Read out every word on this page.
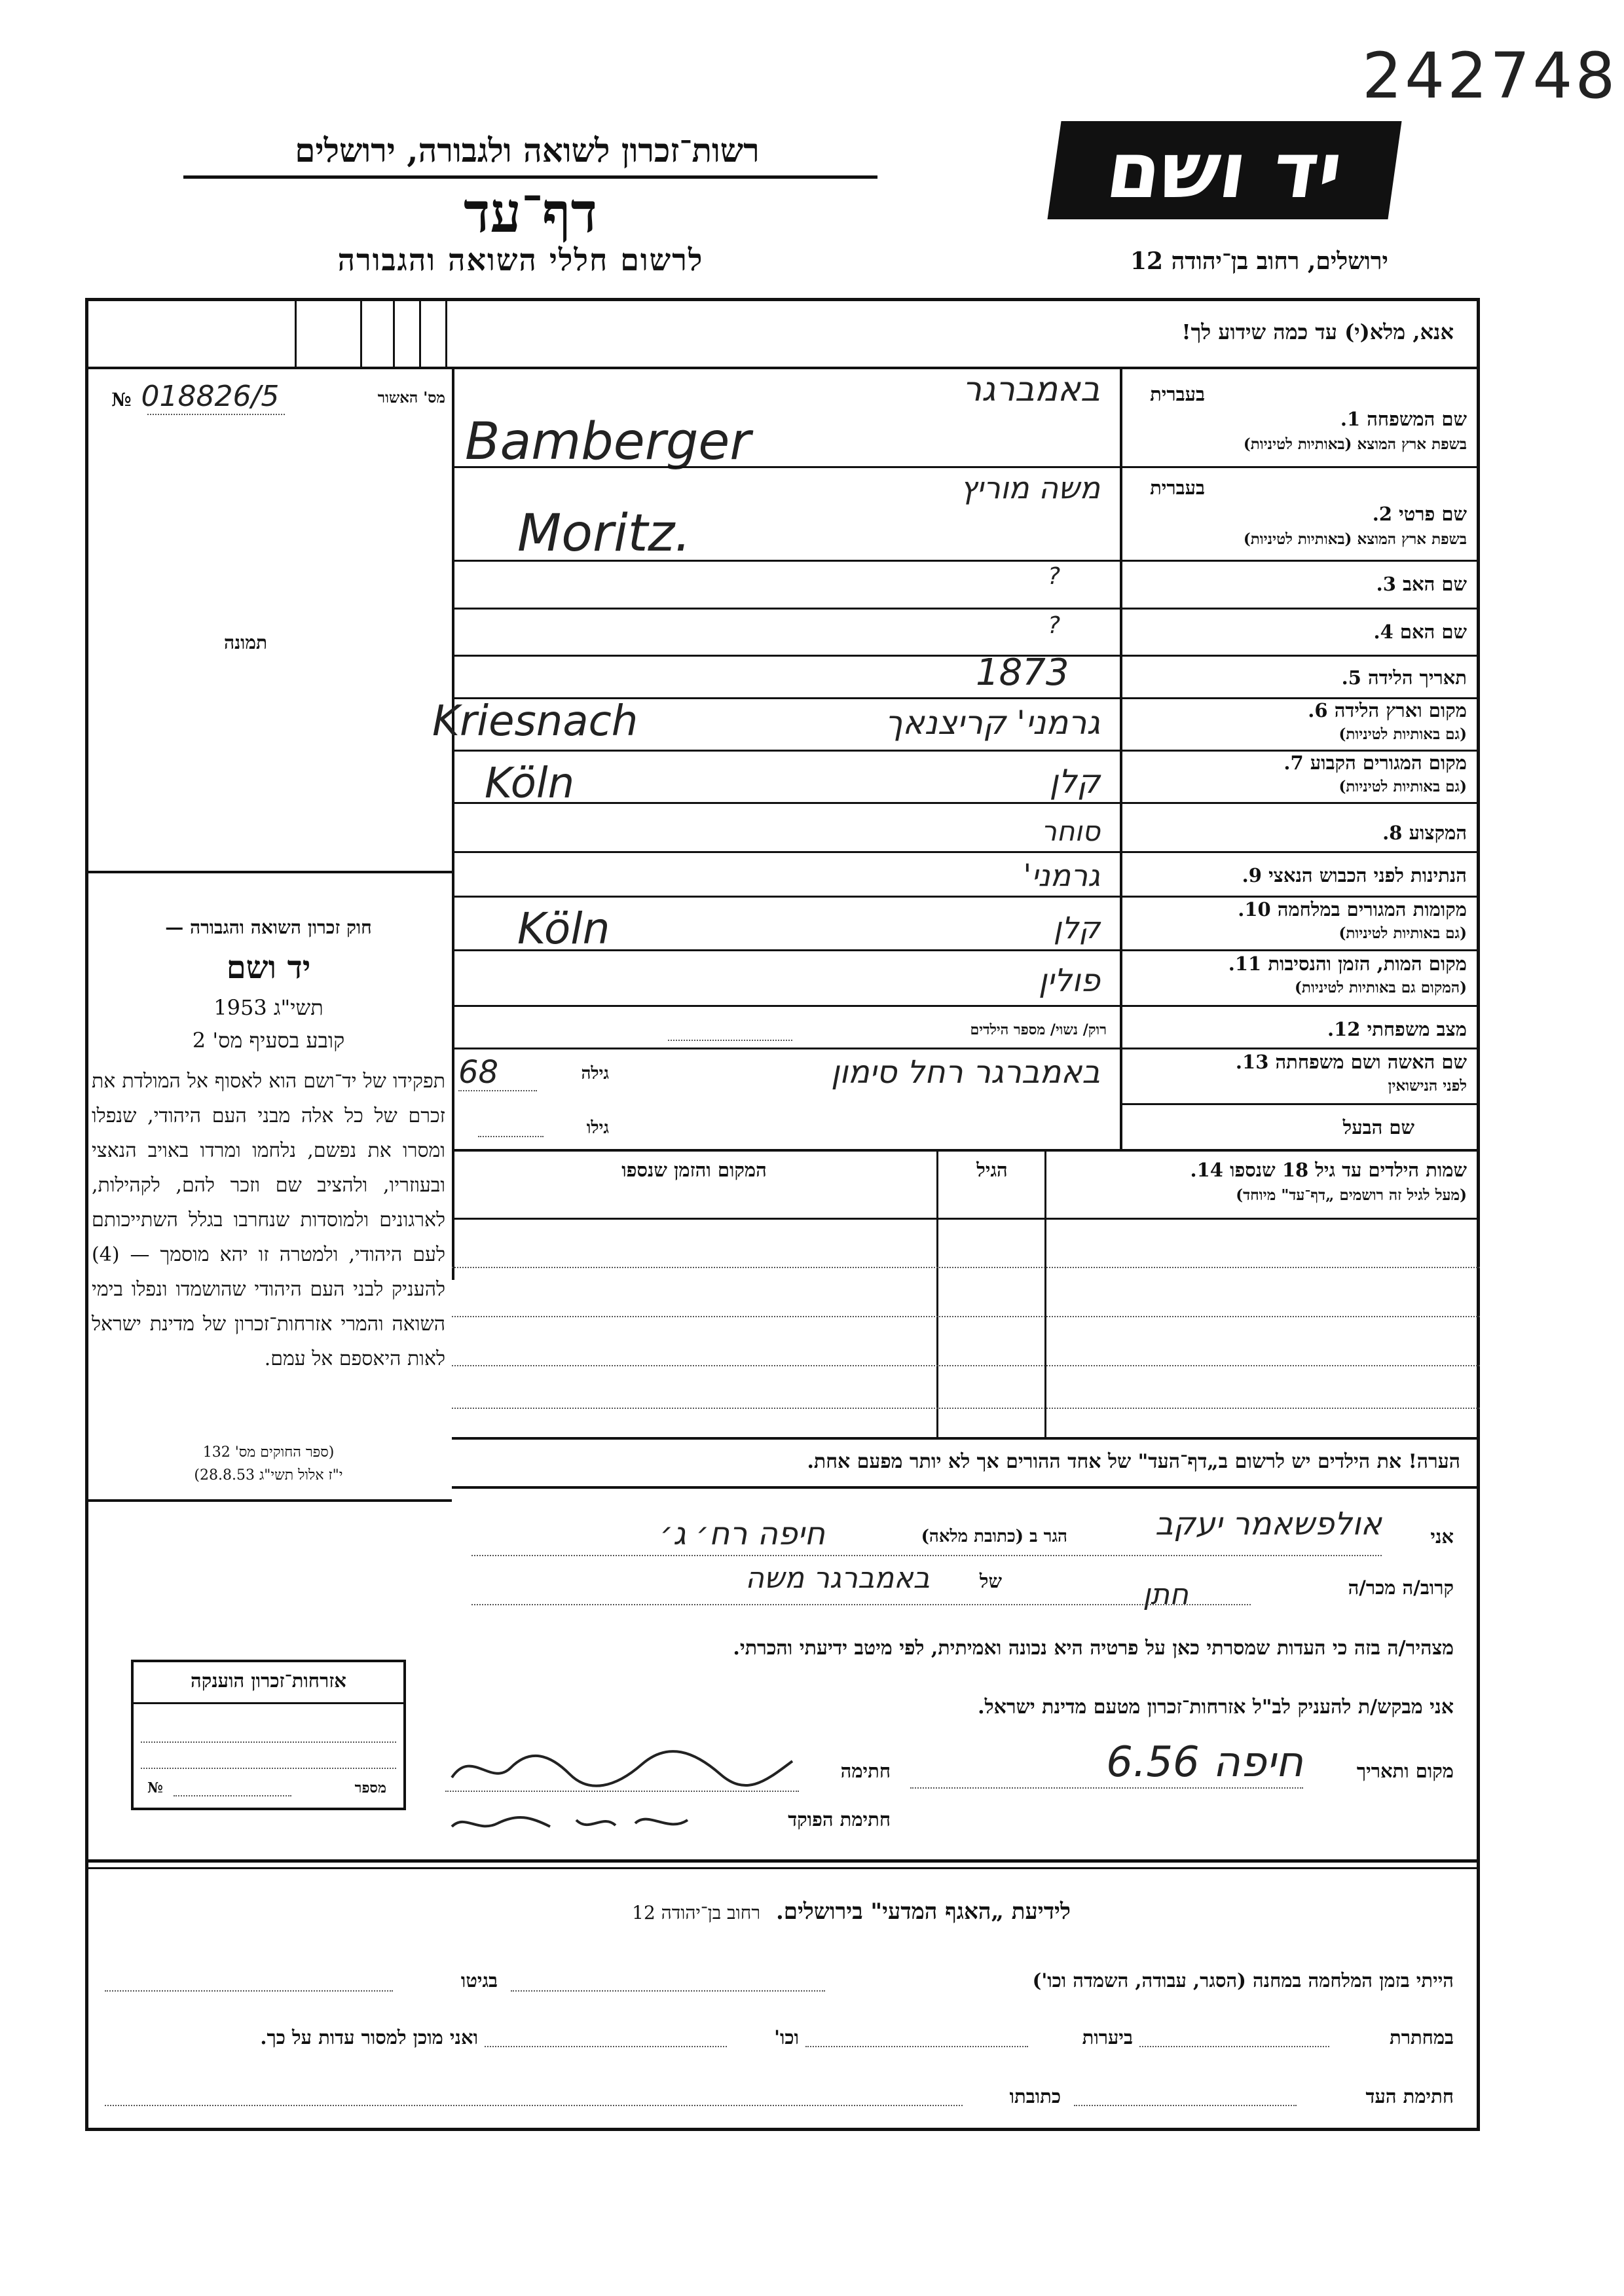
242748
רשות־זכרון לשואה ולגבורה, ירושלים
דף־עד
לרשום חללי השואה והגבורה
יד ושם
ירושלים, רחוב בן־יהודה 12
אנא, מלא(י) עד כמה שידוע לך!
№ 018826/5	מס' האשור
תמונה
חוק זכרון השואה והגבורה —
יד ושם
תשי"ג 1953
קובע בסעיף מס' 2
תפקידו של יד־ושם הוא לאסוף אל המולדת את זכרם של כל אלה מבני העם היהודי, שנפלו ומסרו את נפשם, נלחמו ומרדו באויב הנאצי ובעוזריו, ולהציב שם וזכר להם, לקהילות, לארגונים ולמוסדות שנחרבו בגלל השתייכותם לעם היהודי, ולמטרה זו יהא מוסמך — (4) להעניק לבני העם היהודי שהושמדו ונפלו בימי השואה והמרי אזרחות־זכרון של מדינת ישראל לאות היאספם אל עמם.
(ספר החוקים מס' 132
י"ז אלול תשי"ג 28.8.53)
בעברית
שם המשפחה 1.
בשפת ארץ המוצא (באותיות לטיניות)
באמברגר
Bamberger
בעברית
שם פרטי 2.
בשפת ארץ המוצא (באותיות לטיניות)
משה מוריץ
Moritz.
שם האב 3.
?
שם האם 4.
?
תאריך הלידה 5.
1873
מקום וארץ הלידה 6.
(גם באותיות לטיניות)
גרמני' קריצנאך
Kriesnach
מקום המגורים הקבוע 7.
(גם באותיות לטיניות)
קלן
Köln
המקצוע 8.
סוחר
הנתינות לפני הכבוש הנאצי 9.
גרמני'
מקומות המגורים במלחמה 10.
(גם באותיות לטיניות)
קלן
Köln
מקום המות, הזמן והנסיבות 11.
(המקום גם באותיות לטיניות)
פולין
מצב משפחתי 12.
רוק/ נשוי/ מספר הילדים
שם האשה ושם משפחתה 13.
לפני הנישואין
באמברגר רחל סימון
גילה
68
שם הבעל
גילו
שמות הילדים עד גיל 18 שנספו 14.
(מעל לגיל זה רושמים „דף־עד" מיוחד)
הגיל
המקום והזמן שנספו
הערה! את הילדים יש לרשום ב„דף־העד" של אחד ההורים אך לא יותר מפעם אחת.
אני
אולפשאמר יעקב
הגר ב (כתובת מלאה)
חיפה רח׳ ג׳
קרוב/ה מכר/ה
חתן
של
באמברגר משה
מצהיר/ה בזה כי העדות שמסרתי כאן על פרטיה היא נכונה ואמיתית, לפי מיטב ידיעתי והכרתי.
אני מבקש/ת להעניק לב"ל אזרחות־זכרון מטעם מדינת ישראל.
מקום ותאריך
חיפה 6.56
חתימה
חתימת הפוקד
אזרחות־זכרון הוענקה
№	מספר
לידיעת „האגף המדעי" בירושלים. רחוב בן־יהודה 12
הייתי בזמן המלחמה במחנה (הסגר, עבודה, השמדה וכו')
בגיטו
במחתרת
ביערות
וכו'
ואני מוכן למסור עדות על כך.
חתימת העד
כתובתו
